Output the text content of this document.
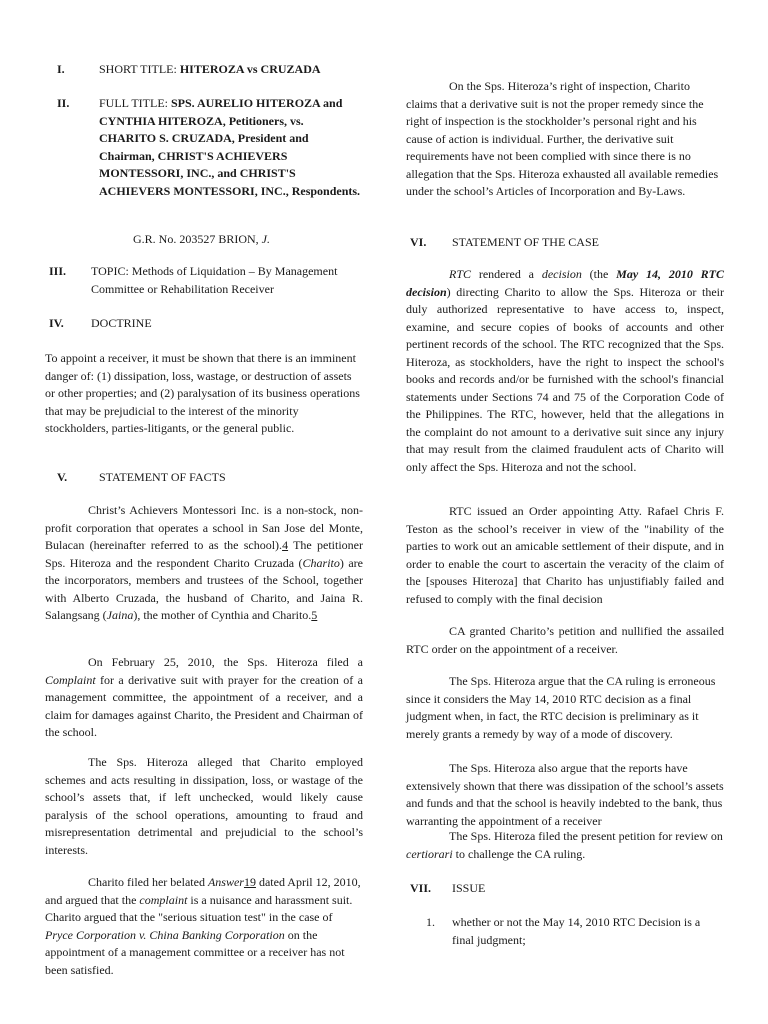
I.	SHORT TITLE: HITEROZA vs CRUZADA
II.	FULL TITLE: SPS. AURELIO HITEROZA and CYNTHIA HITEROZA, Petitioners, vs. CHARITO S. CRUZADA, President and Chairman, CHRIST'S ACHIEVERS MONTESSORI, INC., and CHRIST'S ACHIEVERS MONTESSORI, INC., Respondents.

G.R. No. 203527 BRION, J.

III.	TOPIC: Methods of Liquidation – By Management Committee or Rehabilitation Receiver
IV.	DOCTRINE

To appoint a receiver, it must be shown that there is an imminent danger of: (1) dissipation, loss, wastage, or destruction of assets or other properties; and (2) paralysation of its business operations that may be prejudicial to the interest of the minority stockholders, parties-litigants, or the general public.

V.	STATEMENT OF FACTS

Christ’s Achievers Montessori Inc. is a non-stock, non-profit corporation that operates a school in San Jose del Monte, Bulacan (hereinafter referred to as the school).4 The petitioner Sps. Hiteroza and the respondent Charito Cruzada (Charito) are the incorporators, members and trustees of the School, together with Alberto Cruzada, the husband of Charito, and Jaina R. Salangsang (Jaina), the mother of Cynthia and Charito.5

On February 25, 2010, the Sps. Hiteroza filed a Complaint for a derivative suit with prayer for the creation of a management committee, the appointment of a receiver, and a claim for damages against Charito, the President and Chairman of the school.

The Sps. Hiteroza alleged that Charito employed schemes and acts resulting in dissipation, loss, or wastage of the school’s assets that, if left unchecked, would likely cause paralysis of the school operations, amounting to fraud and misrepresentation detrimental and prejudicial to the school’s interests.

Charito filed her belated Answer19 dated April 12, 2010, and argued that the complaint is a nuisance and harassment suit. Charito argued that the "serious situation test" in the case of Pryce Corporation v. China Banking Corporation on the appointment of a management committee or a receiver has not been satisfied.

On the Sps. Hiteroza’s right of inspection, Charito claims that a derivative suit is not the proper remedy since the right of inspection is the stockholder’s personal right and his cause of action is individual. Further, the derivative suit requirements have not been complied with since there is no allegation that the Sps. Hiteroza exhausted all available remedies under the school’s Articles of Incorporation and By-Laws.

VI.	STATEMENT OF THE CASE

RTC rendered a decision (the May 14, 2010 RTC decision) directing Charito to allow the Sps. Hiteroza or their duly authorized representative to have access to, inspect, examine, and secure copies of books of accounts and other pertinent records of the school. The RTC recognized that the Sps. Hiteroza, as stockholders, have the right to inspect the school's books and records and/or be furnished with the school's financial statements under Sections 74 and 75 of the Corporation Code of the Philippines. The RTC, however, held that the allegations in the complaint do not amount to a derivative suit since any injury that may result from the claimed fraudulent acts of Charito will only affect the Sps. Hiteroza and not the school.

RTC issued an Order appointing Atty. Rafael Chris F. Teston as the school’s receiver in view of the "inability of the parties to work out an amicable settlement of their dispute, and in order to enable the court to ascertain the veracity of the claim of the [spouses Hiteroza] that Charito has unjustifiably failed and refused to comply with the final decision

CA granted Charito’s petition and nullified the assailed RTC order on the appointment of a receiver.

The Sps. Hiteroza argue that the CA ruling is erroneous since it considers the May 14, 2010 RTC decision as a final judgment when, in fact, the RTC decision is preliminary as it merely grants a remedy by way of a mode of discovery.

The Sps. Hiteroza also argue that the reports have extensively shown that there was dissipation of the school’s assets and funds and that the school is heavily indebted to the bank, thus warranting the appointment of a receiver

The Sps. Hiteroza filed the present petition for review on certiorari to challenge the CA ruling.

VII.	ISSUE
1.	whether or not the May 14, 2010 RTC Decision is a final judgment;
